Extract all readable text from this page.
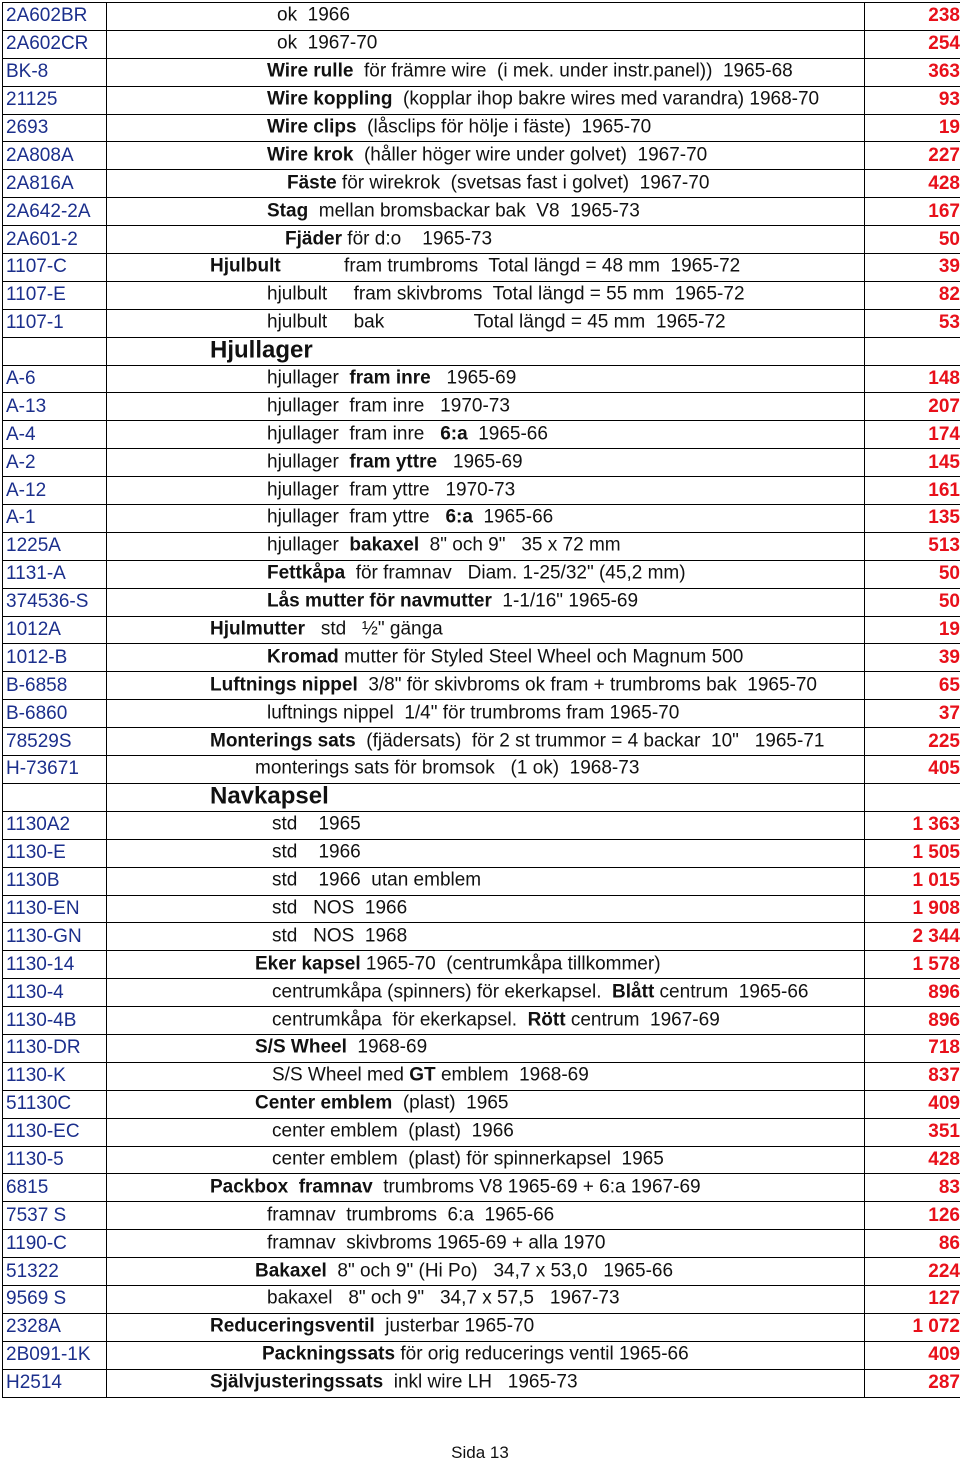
2A602BR	ok  1966	238
2A602CR	ok  1967-70	254
BK-8	Wire rulle  för främre wire  (i mek. under instr.panel))  1965-68	363
21125	Wire koppling  (kopplar ihop bakre wires med varandra) 1968-70	93
2693	Wire clips  (låsclips för hölje i fäste)  1965-70	19
2A808A	Wire krok  (håller höger wire under golvet)  1967-70	227
2A816A	Fäste för wirekrok  (svetsas fast i golvet)  1967-70	428
2A642-2A	Stag  mellan bromsbackar bak  V8  1965-73	167
2A601-2	Fjäder för d:o    1965-73	50
1107-C	Hjulbult            fram trumbroms  Total längd = 48 mm  1965-72	39
1107-E	hjulbult     fram skivbroms  Total längd = 55 mm  1965-72	82
1107-1	hjulbult     bak                 Total längd = 45 mm  1965-72	53

	Hjullager	

A-6	hjullager  fram inre   1965-69	148
A-13	hjullager  fram inre   1970-73	207
A-4	hjullager  fram inre   6:a  1965-66	174
A-2	hjullager  fram yttre   1965-69	145
A-12	hjullager  fram yttre   1970-73	161
A-1	hjullager  fram yttre   6:a  1965-66	135
1225A	hjullager  bakaxel  8" och 9"   35 x 72 mm	513
1131-A	Fettkåpa  för framnav   Diam. 1-25/32" (45,2 mm)	50
374536-S	Lås mutter för navmutter  1-1/16" 1965-69	50
1012A	Hjulmutter   std   ½" gänga	19
1012-B	Kromad mutter för Styled Steel Wheel och Magnum 500	39
B-6858	Luftnings nippel  3/8" för skivbroms ok fram + trumbroms bak  1965-70	65
B-6860	luftnings nippel  1/4" för trumbroms fram 1965-70	37
78529S	Monterings sats  (fjädersats)  för 2 st trummor = 4 backar  10"   1965-71	225
H-73671	monterings sats för bromsok   (1 ok)  1968-73	405

	Navkapsel	

1130A2	std    1965	1 363
1130-E	std    1966	1 505
1130B	std    1966  utan emblem	1 015
1130-EN	std   NOS  1966	1 908
1130-GN	std   NOS  1968	2 344
1130-14	Eker kapsel 1965-70  (centrumkåpa tillkommer)	1 578
1130-4	centrumkåpa (spinners) för ekerkapsel.  Blått centrum  1965-66	896
1130-4B	centrumkåpa  för ekerkapsel.  Rött centrum  1967-69	896
1130-DR	S/S Wheel  1968-69	718
1130-K	S/S Wheel med GT emblem  1968-69	837
51130C	Center emblem  (plast)  1965	409
1130-EC	center emblem  (plast)  1966	351
1130-5	center emblem  (plast) för spinnerkapsel  1965	428
6815	Packbox  framnav  trumbroms V8 1965-69 + 6:a 1967-69	83
7537 S	framnav  trumbroms  6:a  1965-66	126
1190-C	framnav  skivbroms 1965-69 + alla 1970	86
51322	Bakaxel  8" och 9" (Hi Po)   34,7 x 53,0   1965-66	224
9569 S	bakaxel   8" och 9"   34,7 x 57,5   1967-73	127
2328A	Reduceringsventil  justerbar 1965-70	1 072
2B091-1K	Packningssats för orig reducerings ventil 1965-66	409
H2514	Självjusteringssats  inkl wire LH   1965-73	287
Sida 13
